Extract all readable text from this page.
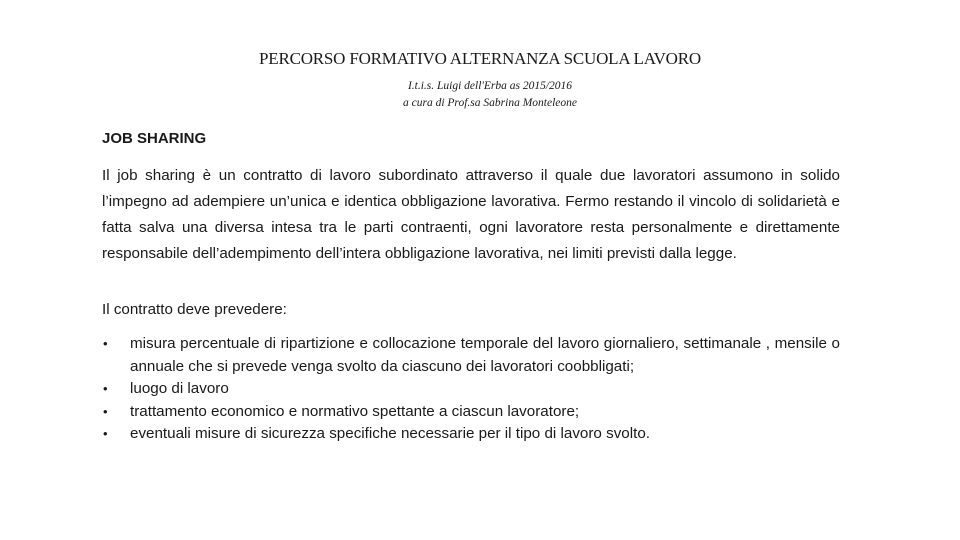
PERCORSO FORMATIVO ALTERNANZA SCUOLA LAVORO
I.t.i.s. Luigi dell'Erba as 2015/2016
a cura di Prof.sa Sabrina Monteleone
JOB SHARING

Il job sharing è un contratto di lavoro subordinato attraverso il quale due lavoratori assumono in solido l’impegno ad adempiere un’unica e identica obbligazione lavorativa. Fermo restando il vincolo di solidarietà e fatta salva una diversa intesa tra le parti contraenti, ogni lavoratore resta personalmente e direttamente responsabile dell’adempimento dell’intera obbligazione lavorativa, nei limiti previsti dalla legge.

Il contratto deve prevedere:

• misura percentuale di ripartizione e collocazione temporale del lavoro giornaliero, settimanale , mensile o annuale che si prevede venga svolto da ciascuno dei lavoratori coobbligati;
• luogo di lavoro
• trattamento economico e normativo spettante a ciascun lavoratore;
• eventuali misure di sicurezza specifiche necessarie per il tipo di lavoro svolto.
